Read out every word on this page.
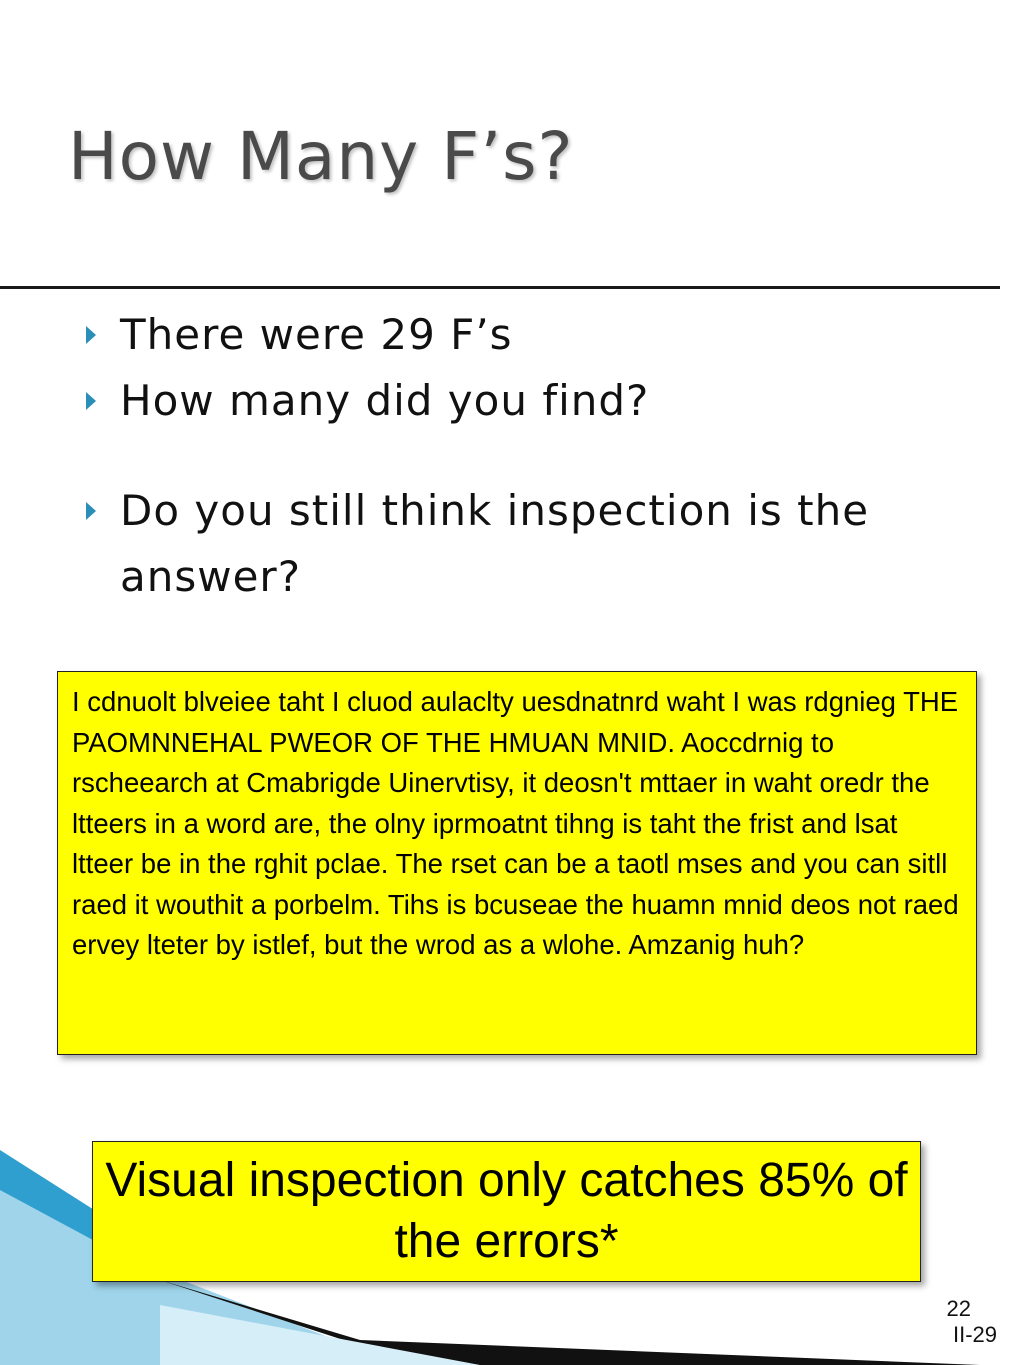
How Many F’s?
There were 29 F’s
How many did you find?
Do you still think inspection is the answer?
I cdnuolt blveiee taht I cluod aulaclty uesdnatnrd waht I was rdgnieg THE PAOMNNEHAL PWEOR OF THE HMUAN MNID. Aoccdrnig to rscheearch at Cmabrigde Uinervtisy, it deosn't mttaer in waht oredr the ltteers in a word are, the olny iprmoatnt tihng is taht the frist and lsat ltteer be in the rghit pclae. The rset can be a taotl mses and you can sitll raed it wouthit a porbelm. Tihs is bcuseae the huamn mnid deos not raed ervey lteter by istlef, but the wrod as a wlohe. Amzanig huh?
Visual inspection only catches 85% of the errors*
22
II-29
